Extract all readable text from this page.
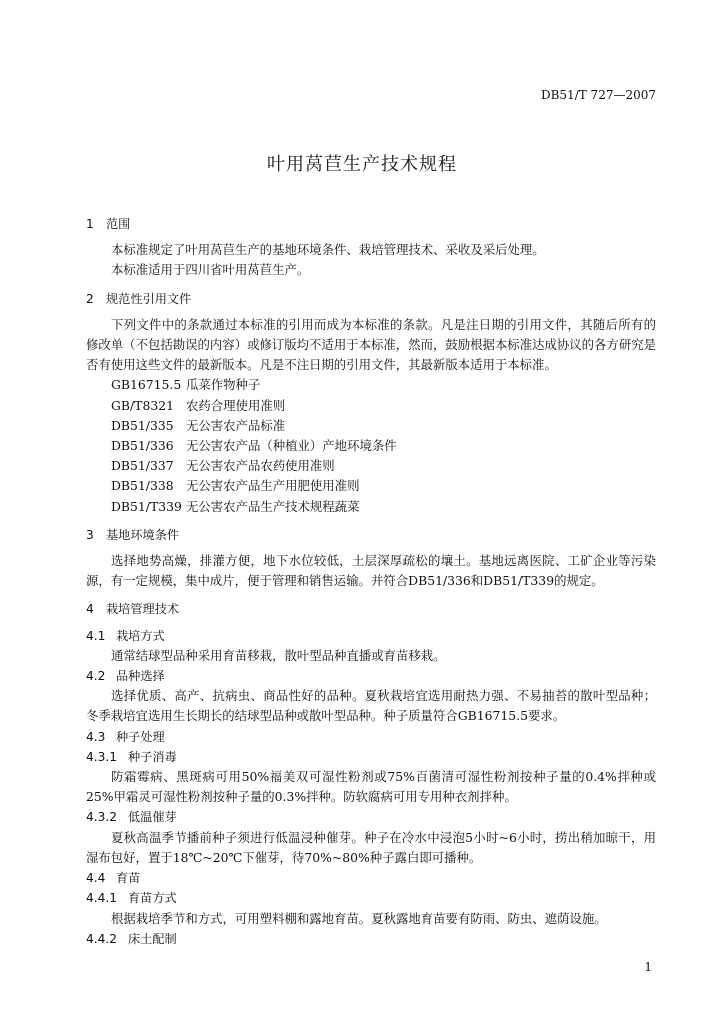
DB51/T 727—2007
叶用莴苣生产技术规程
1 范围
本标准规定了叶用莴苣生产的基地环境条件、栽培管理技术、采收及采后处理。
本标准适用于四川省叶用莴苣生产。
2 规范性引用文件
下列文件中的条款通过本标准的引用而成为本标准的条款。凡是注日期的引用文件，其随后所有的修改单（不包括勘误的内容）或修订版均不适用于本标准，然而，鼓励根据本标准达成协议的各方研究是否有使用这些文件的最新版本。凡是不注日期的引用文件，其最新版本适用于本标准。
GB16715.5 瓜菜作物种子
GB/T8321 农药合理使用准则
DB51/335 无公害农产品标准
DB51/336 无公害农产品（种植业）产地环境条件
DB51/337 无公害农产品农药使用准则
DB51/338 无公害农产品生产用肥使用准则
DB51/T339 无公害农产品生产技术规程蔬菜
3 基地环境条件
选择地势高燥，排灌方便，地下水位较低，土层深厚疏松的壤土。基地远离医院、工矿企业等污染源，有一定规模，集中成片，便于管理和销售运输。并符合DB51/336和DB51/T339的规定。
4 栽培管理技术
4.1 栽培方式
通常结球型品种采用育苗移栽，散叶型品种直播或育苗移栽。
4.2 品种选择
选择优质、高产、抗病虫、商品性好的品种。夏秋栽培宜选用耐热力强、不易抽苔的散叶型品种；冬季栽培宜选用生长期长的结球型品种或散叶型品种。种子质量符合GB16715.5要求。
4.3 种子处理
4.3.1 种子消毒
防霜霉病、黑斑病可用50%福美双可湿性粉剂或75%百菌清可湿性粉剂按种子量的0.4%拌种或25%甲霜灵可湿性粉剂按种子量的0.3%拌种。防软腐病可用专用种衣剂拌种。
4.3.2 低温催芽
夏秋高温季节播前种子须进行低温浸种催芽。种子在冷水中浸泡5小时~6小时，捞出稍加晾干，用湿布包好，置于18℃~20℃下催芽，待70%~80%种子露白即可播种。
4.4 育苗
4.4.1 育苗方式
根据栽培季节和方式，可用塑料棚和露地育苗。夏秋露地育苗要有防雨、防虫、遮荫设施。
4.4.2 床土配制
1
